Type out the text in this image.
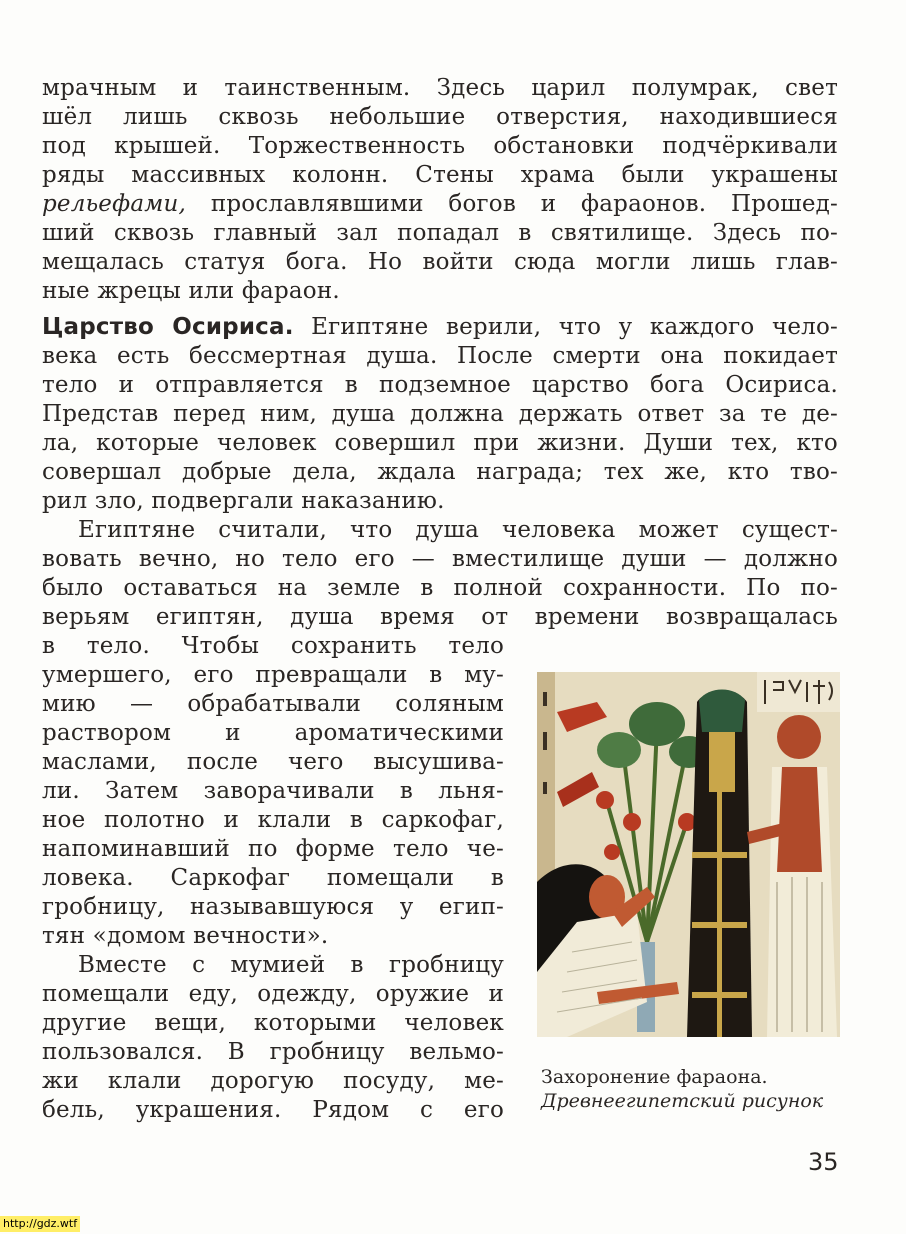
мрачным и таинственным. Здесь царил полумрак, свет

шёл лишь сквозь небольшие отверстия, находившиеся

под крышей. Торжественность обстановки подчёркивали

ряды массивных колонн. Стены храма были украшены

рельефами, прославлявшими богов и фараонов. Прошед-

ший сквозь главный зал попадал в святилище. Здесь по-

мещалась статуя бога. Но войти сюда могли лишь глав-

ные жрецы или фараон.

Царство Осириса. Египтяне верили, что у каждого чело-

века есть бессмертная душа. После смерти она покидает

тело и отправляется в подземное царство бога Осириса.

Представ перед ним, душа должна держать ответ за те де-

ла, которые человек совершил при жизни. Души тех, кто

совершал добрые дела, ждала награда; тех же, кто тво-

рил зло, подвергали наказанию.

Египтяне считали, что душа человека может сущест-

вовать вечно, но тело его — вместилище души — должно

было оставаться на земле в полной сохранности. По по-

верьям египтян, душа время от времени возвращалась

в тело. Чтобы сохранить тело

умершего, его превращали в му-

мию — обрабатывали соляным

раствором и ароматическими

маслами, после чего высушива-

ли. Затем заворачивали в льня-

ное полотно и клали в саркофаг,

напоминавший по форме тело че-

ловека. Саркофаг помещали в

гробницу, называвшуюся у егип-

тян «домом вечности».

Вместе с мумией в гробницу

помещали еду, одежду, оружие и

другие вещи, которыми человек

пользовался. В гробницу вельмо-

жи клали дорогую посуду, ме-

бель, украшения. Рядом с его

Захоронение фараона.
Древнеегипетский рисунок
35
http://gdz.wtf
